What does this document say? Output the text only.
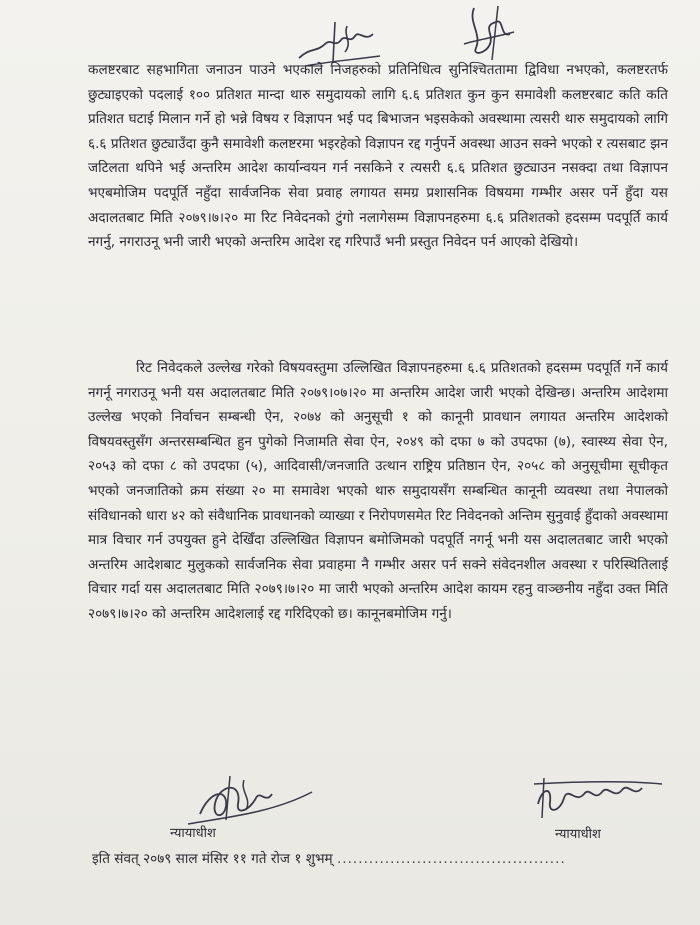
कलष्टरबाट सहभागिता जनाउन पाउने भएकाले निजहरुको प्रतिनिधित्व सुनिश्चिततामा द्विविधा नभएको, कलष्टरतर्फ छुट्याइएको पदलाई १०० प्रतिशत मान्दा थारु समुदायको लागि ६.६ प्रतिशत कुन कुन समावेशी कलष्टरबाट कति कति प्रतिशत घटाई मिलान गर्ने हो भन्ने विषय र विज्ञापन भई पद बिभाजन भइसकेको अवस्थामा त्यसरी थारु समुदायको लागि ६.६ प्रतिशत छुट्याउँदा कुनै समावेशी कलष्टरमा भइरहेको विज्ञापन रद्द गर्नुपर्ने अवस्था आउन सक्ने भएको र त्यसबाट झन जटिलता थपिने भई अन्तरिम आदेश कार्यान्वयन गर्न नसकिने र त्यसरी ६.६ प्रतिशत छुट्याउन नसक्दा तथा विज्ञापन भएबमोजिम पदपूर्ति नहुँदा सार्वजनिक सेवा प्रवाह लगायत समग्र प्रशासनिक विषयमा गम्भीर असर पर्ने हुँदा यस अदालतबाट मिति २०७९।७।२० मा रिट निवेदनको टुंगो नलागेसम्म विज्ञापनहरुमा ६.६ प्रतिशतको हदसम्म पदपूर्ति कार्य नगर्नु, नगराउनू भनी जारी भएको अन्तरिम आदेश रद्द गरिपाउँ भनी प्रस्तुत निवेदन पर्न आएको देखियो।

रिट निवेदकले उल्लेख गरेको विषयवस्तुमा उल्लिखित विज्ञापनहरुमा ६.६ प्रतिशतको हदसम्म पदपूर्ति गर्ने कार्य नगर्नू नगराउनू भनी यस अदालतबाट मिति २०७९।०७।२० मा अन्तरिम आदेश जारी भएको देखिन्छ। अन्तरिम आदेशमा उल्लेख भएको निर्वाचन सम्बन्धी ऐन, २०७४ को अनुसूची १ को कानूनी प्रावधान लगायत अन्तरिम आदेशको विषयवस्तुसँग अन्तरसम्बन्धित हुन पुगेको निजामति सेवा ऐन, २०४९ को दफा ७ को उपदफा (७), स्वास्थ्य सेवा ऐन, २०५३ को दफा ८ को उपदफा (५), आदिवासी/जनजाति उत्थान राष्ट्रिय प्रतिष्ठान ऐन, २०५८ को अनुसूचीमा सूचीकृत भएको जनजातिको क्रम संख्या २० मा समावेश भएको थारु समुदायसँग सम्बन्धित कानूनी व्यवस्था तथा नेपालको संविधानको धारा ४२ को संवैधानिक प्रावधानको व्याख्या र निरोपणसमेत रिट निवेदनको अन्तिम सुनुवाई हुँदाको अवस्थामा मात्र विचार गर्न उपयुक्त हुने देखिँदा उल्लिखित विज्ञापन बमोजिमको पदपूर्ति नगर्नू भनी यस अदालतबाट जारी भएको अन्तरिम आदेशबाट मुलुकको सार्वजनिक सेवा प्रवाहमा नै गम्भीर असर पर्न सक्ने संवेदनशील अवस्था र परिस्थितिलाई विचार गर्दा यस अदालतबाट मिति २०७९।७।२० मा जारी भएको अन्तरिम आदेश कायम रहनु वाञ्छनीय नहुँदा उक्त मिति २०७९।७।२० को अन्तरिम आदेशलाई रद्द गरिदिएको छ। कानूनबमोजिम गर्नु।

न्यायाधीश	न्यायाधीश
इति संवत् २०७९ साल मंसिर ११ गते रोज १ शुभम् ...........................................
